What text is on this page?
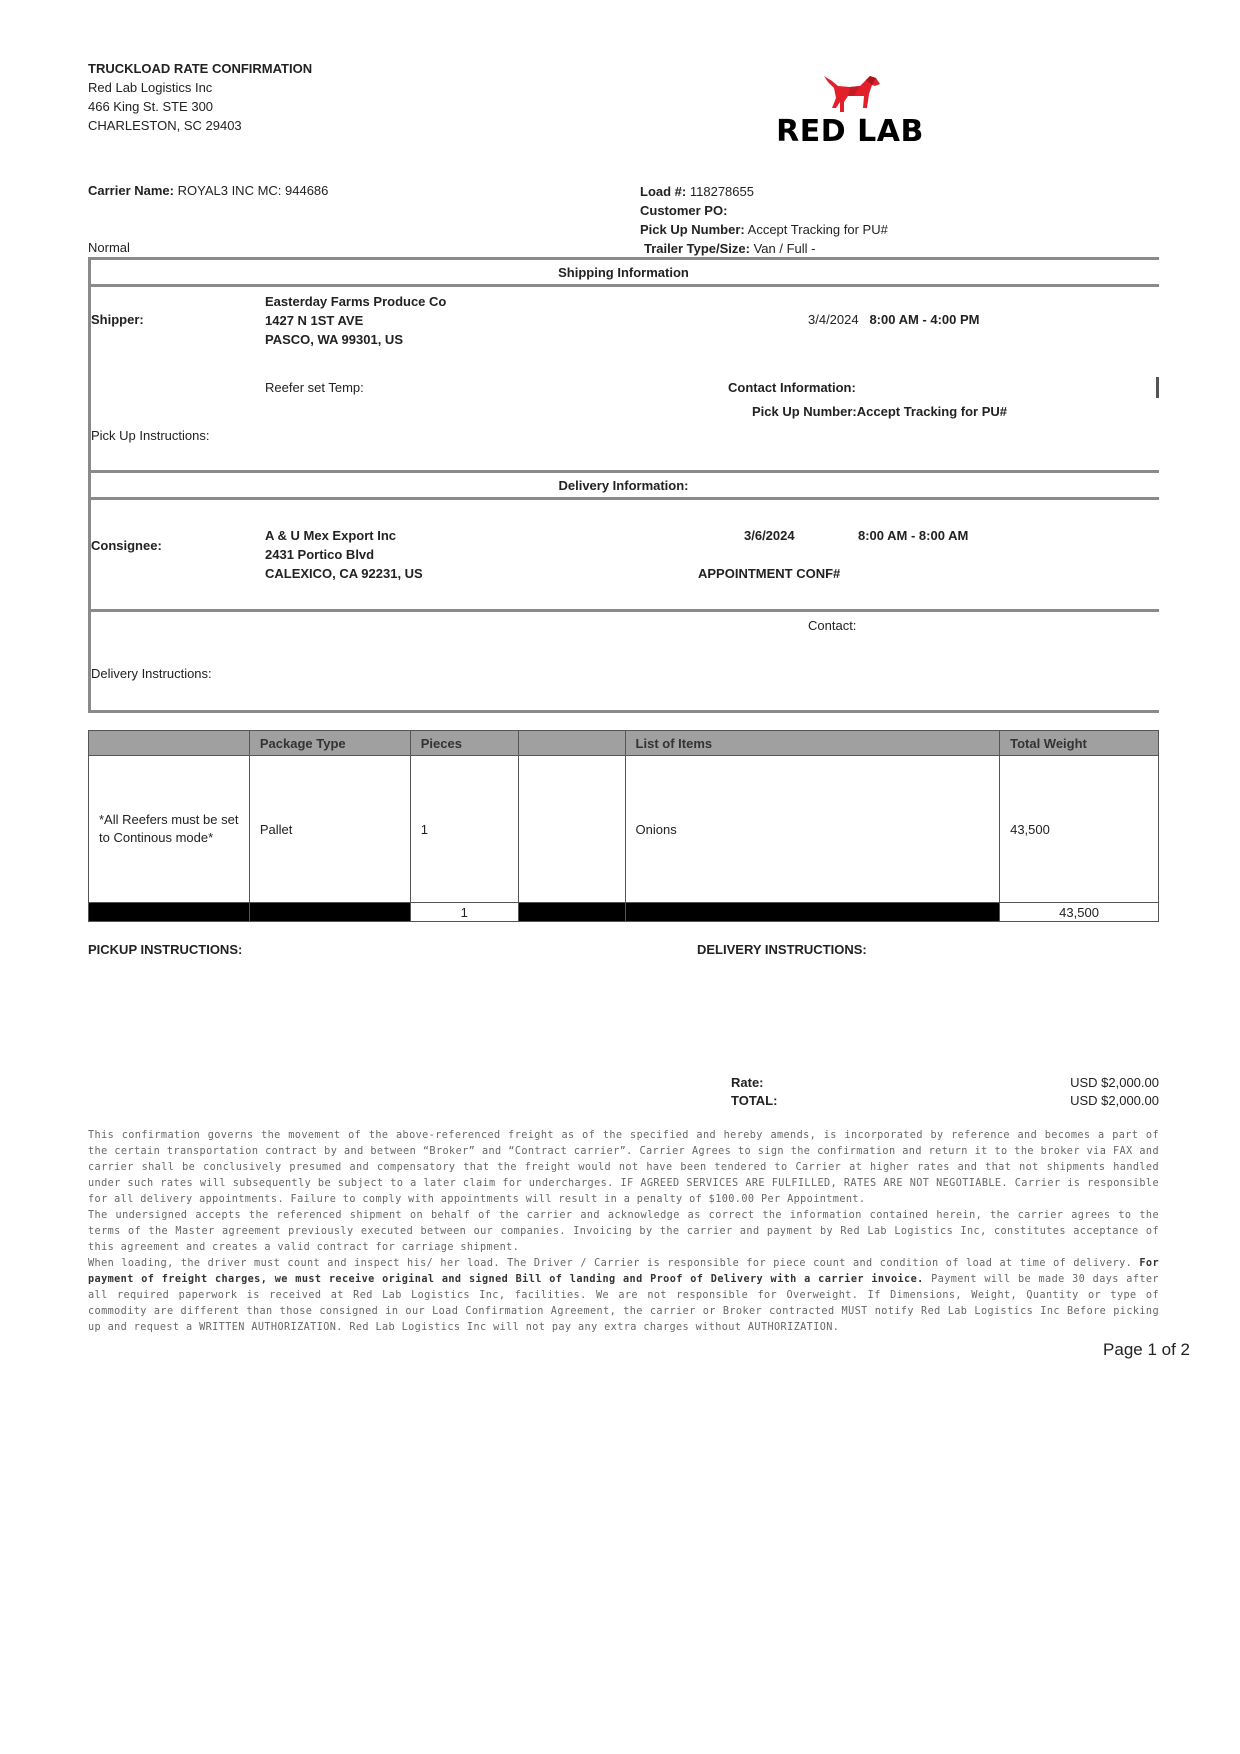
TRUCKLOAD RATE CONFIRMATION
Red Lab Logistics Inc
466 King St. STE 300
CHARLESTON, SC 29403	RED LAB
Carrier Name: ROYAL3 INC MC: 944686
Normal
Load #: 118278655
Customer PO:
Pick Up Number: Accept Tracking for PU#
Trailer Type/Size: Van / Full -
Shipping Information
Shipper:
Easterday Farms Produce Co
1427 N 1ST AVE
PASCO, WA 99301, US
3/4/2024 8:00 AM - 4:00 PM
Reefer set Temp:	Contact Information:
Pick Up Number:Accept Tracking for PU#
Pick Up Instructions:
Delivery Information:
Consignee:
A & U Mex Export Inc
2431 Portico Blvd
CALEXICO, CA 92231, US
3/6/2024	8:00 AM - 8:00 AM
APPOINTMENT CONF#
Contact:
Delivery Instructions:
	Package Type	Pieces		List of Items	Total Weight
*All Reefers must be set to Continous mode*	Pallet	1		Onions	43,500
		1			43,500
PICKUP INSTRUCTIONS:	DELIVERY INSTRUCTIONS:
Rate:	USD $2,000.00
TOTAL:	USD $2,000.00

This confirmation governs the movement of the above-referenced freight as of the specified and hereby amends, is incorporated by reference and becomes a part of the certain transportation contract by and between “Broker” and “Contract carrier”. Carrier Agrees to sign the confirmation and return it to the broker via FAX and carrier shall be conclusively presumed and compensatory that the freight would not have been tendered to Carrier at higher rates and that not shipments handled under such rates will subsequently be subject to a later claim for undercharges. IF AGREED SERVICES ARE FULFILLED, RATES ARE NOT NEGOTIABLE. Carrier is responsible for all delivery appointments. Failure to comply with appointments will result in a penalty of $100.00 Per Appointment.

The undersigned accepts the referenced shipment on behalf of the carrier and acknowledge as correct the information contained herein, the carrier agrees to the terms of the Master agreement previously executed between our companies. Invoicing by the carrier and payment by Red Lab Logistics Inc, constitutes acceptance of this agreement and creates a valid contract for carriage shipment.

When loading, the driver must count and inspect his/ her load. The Driver / Carrier is responsible for piece count and condition of load at time of delivery. For payment of freight charges, we must receive original and signed Bill of landing and Proof of Delivery with a carrier invoice. Payment will be made 30 days after all required paperwork is received at Red Lab Logistics Inc, facilities. We are not responsible for Overweight. If Dimensions, Weight, Quantity or type of commodity are different than those consigned in our Load Confirmation Agreement, the carrier or Broker contracted MUST notify Red Lab Logistics Inc Before picking up and request a WRITTEN AUTHORIZATION. Red Lab Logistics Inc will not pay any extra charges without AUTHORIZATION.

Page 1 of 2
